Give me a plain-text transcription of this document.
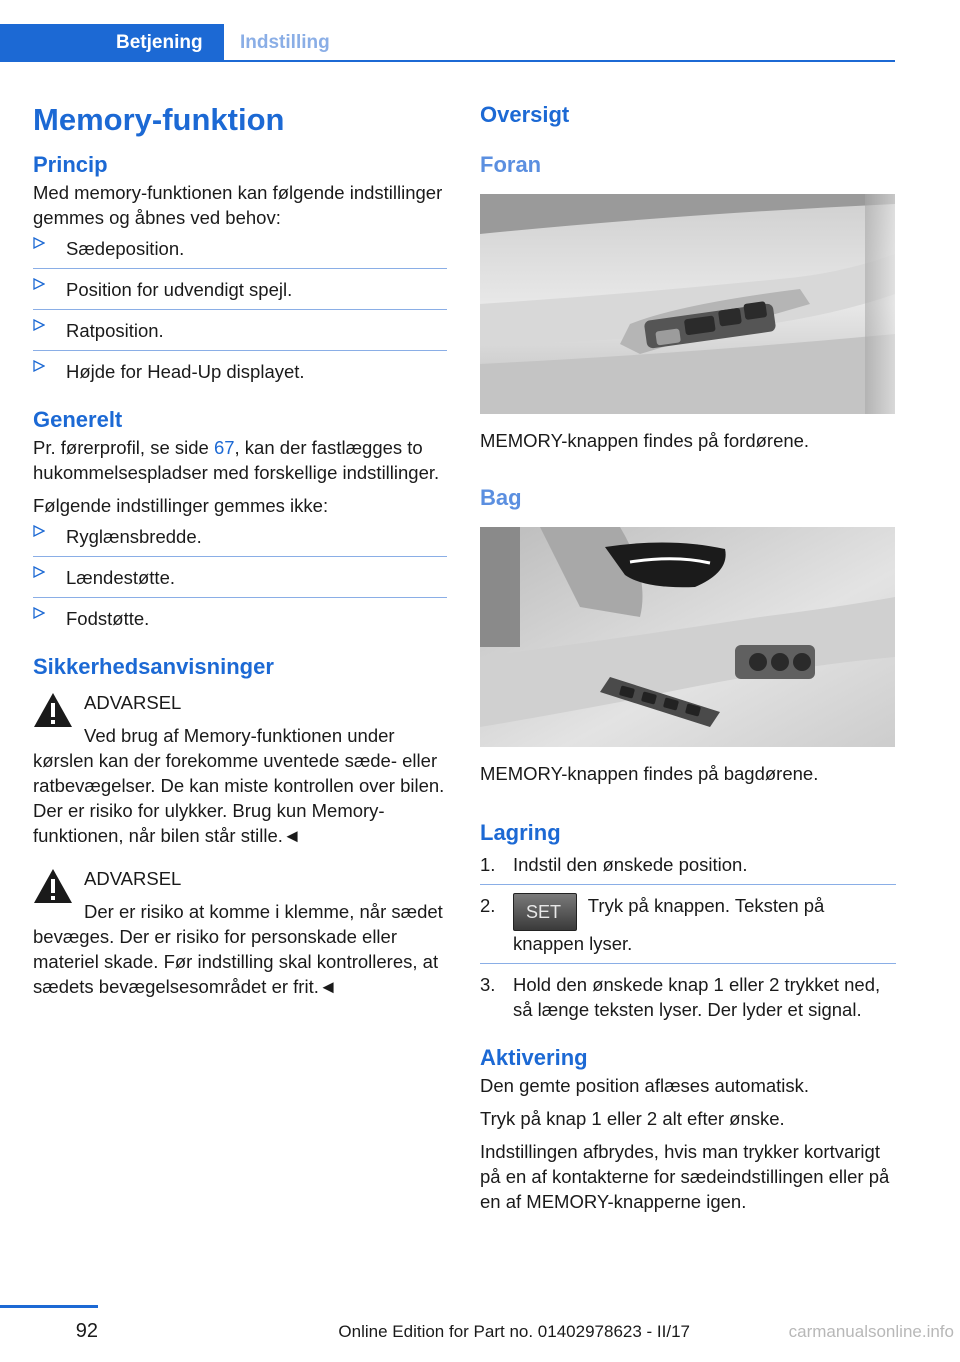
Betjening	Indstilling
Memory-funktion
Princip

Med memory-funktionen kan følgende indstillinger gemmes og åbnes ved behov:

Sædeposition.
Position for udvendigt spejl.
Ratposition.
Højde for Head-Up displayet.
Generelt

Pr. førerprofil, se side 67, kan der fastlægges to hukommelsespladser med forskellige indstillinger.

Følgende indstillinger gemmes ikke:

Ryglænsbredde.
Lændestøtte.
Fodstøtte.
Sikkerhedsanvisninger
ADVARSEL
Ved brug af Memory-funktionen under kørslen kan der forekomme uventede sæde- eller ratbevægelser. De kan miste kontrollen over bilen. Der er risiko for ulykker. Brug kun Memory-funktionen, når bilen står stille.◄
ADVARSEL
Der er risiko at komme i klemme, når sædet bevæges. Der er risiko for personskade eller materiel skade. Før indstilling skal kontrolleres, at sædets bevægelsesområdet er frit.◄
Oversigt
Foran

MEMORY-knappen findes på fordørene.

Bag

MEMORY-knappen findes på bagdørene.

Lagring
1. Indstil den ønskede position.
2. SET Tryk på knappen. Teksten på knappen lyser.
3. Hold den ønskede knap 1 eller 2 trykket ned, så længe teksten lyser. Der lyder et signal.
Aktivering

Den gemte position aflæses automatisk.

Tryk på knap 1 eller 2 alt efter ønske.

Indstillingen afbrydes, hvis man trykker kortvarigt på en af kontakterne for sædeindstillingen eller på en af MEMORY-knapperne igen.

92	Online Edition for Part no. 01402978623 - II/17	carmanualsonline.info
